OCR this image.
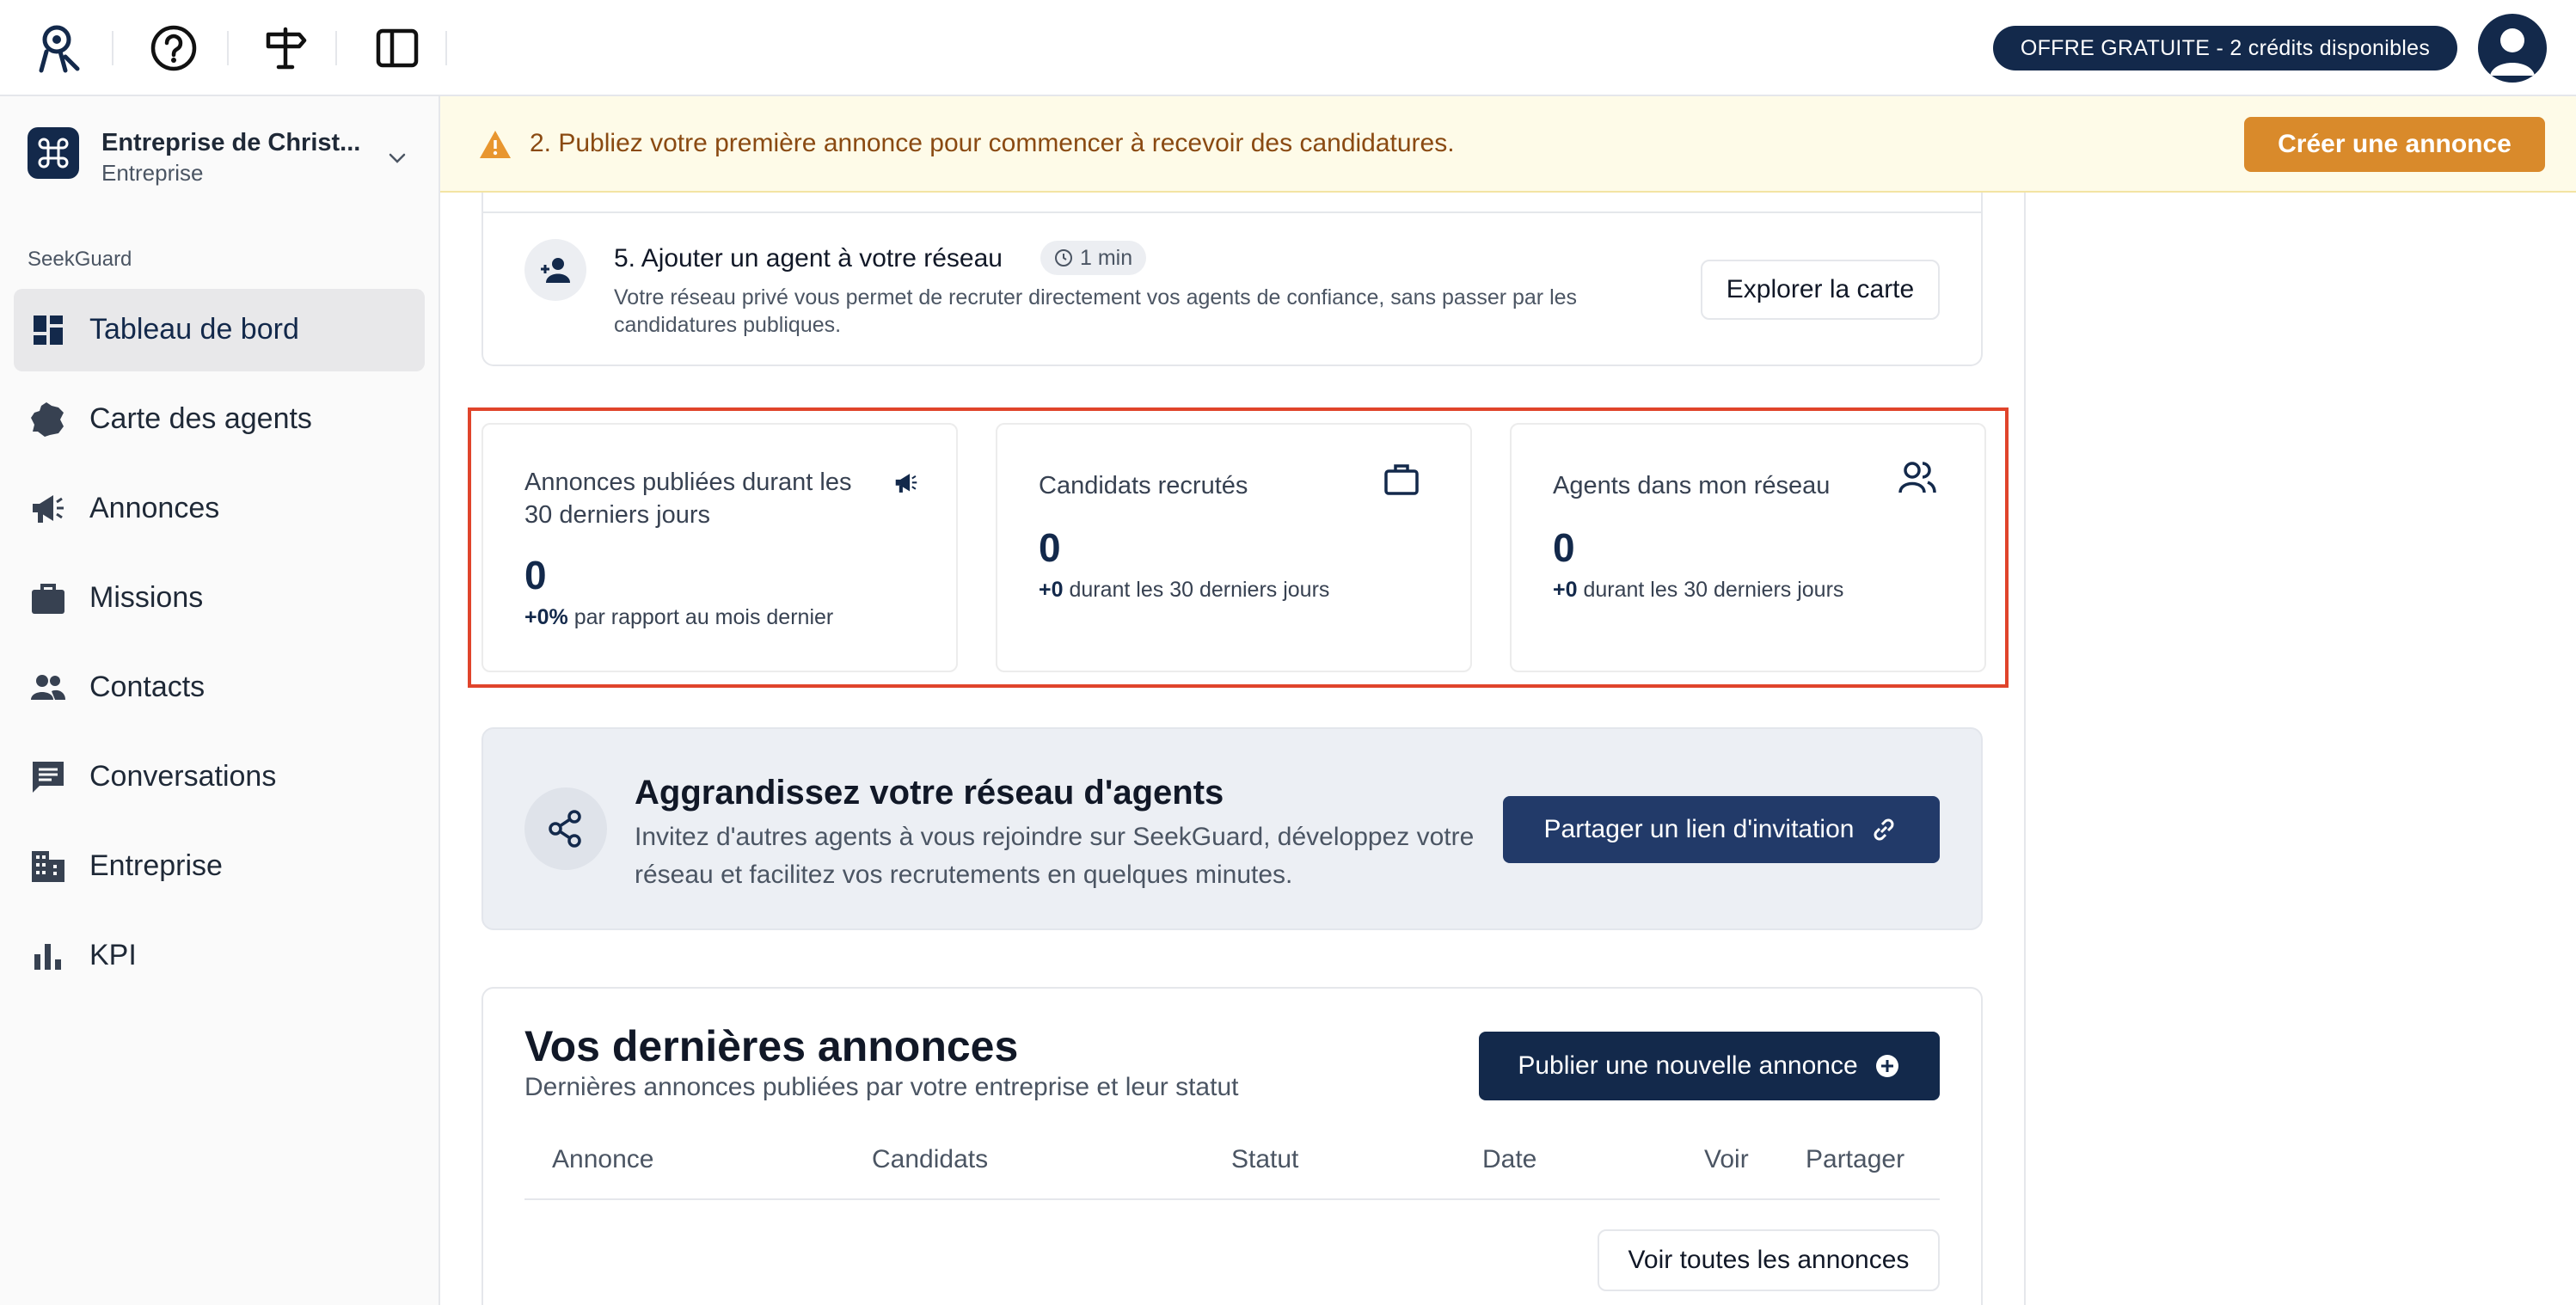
OFFRE GRATUITE - 2 crédits disponibles
Entreprise de Christ...
Entreprise
SeekGuard
Tableau de bord
Carte des agents
Annonces
Missions
Contacts
Conversations
Entreprise
KPI
5. Ajouter un agent à votre réseau	1 min
Votre réseau privé vous permet de recruter directement vos agents de confiance, sans passer par les candidatures publiques.
Explorer la carte
Annonces publiées durant les 30 derniers jours
0
+0% par rapport au mois dernier
Candidats recrutés
0
+0 durant les 30 derniers jours
Agents dans mon réseau
0
+0 durant les 30 derniers jours
Aggrandissez votre réseau d'agents
Invitez d'autres agents à vous rejoindre sur SeekGuard, développez votre réseau et facilitez vos recrutements en quelques minutes.
Partager un lien d'invitation
Vos dernières annonces
Dernières annonces publiées par votre entreprise et leur statut
Publier une nouvelle annonce
Annonce	Candidats	Statut	Date	Voir Partager
Voir toutes les annonces
2. Publiez votre première annonce pour commencer à recevoir des candidatures.	Créer une annonce
